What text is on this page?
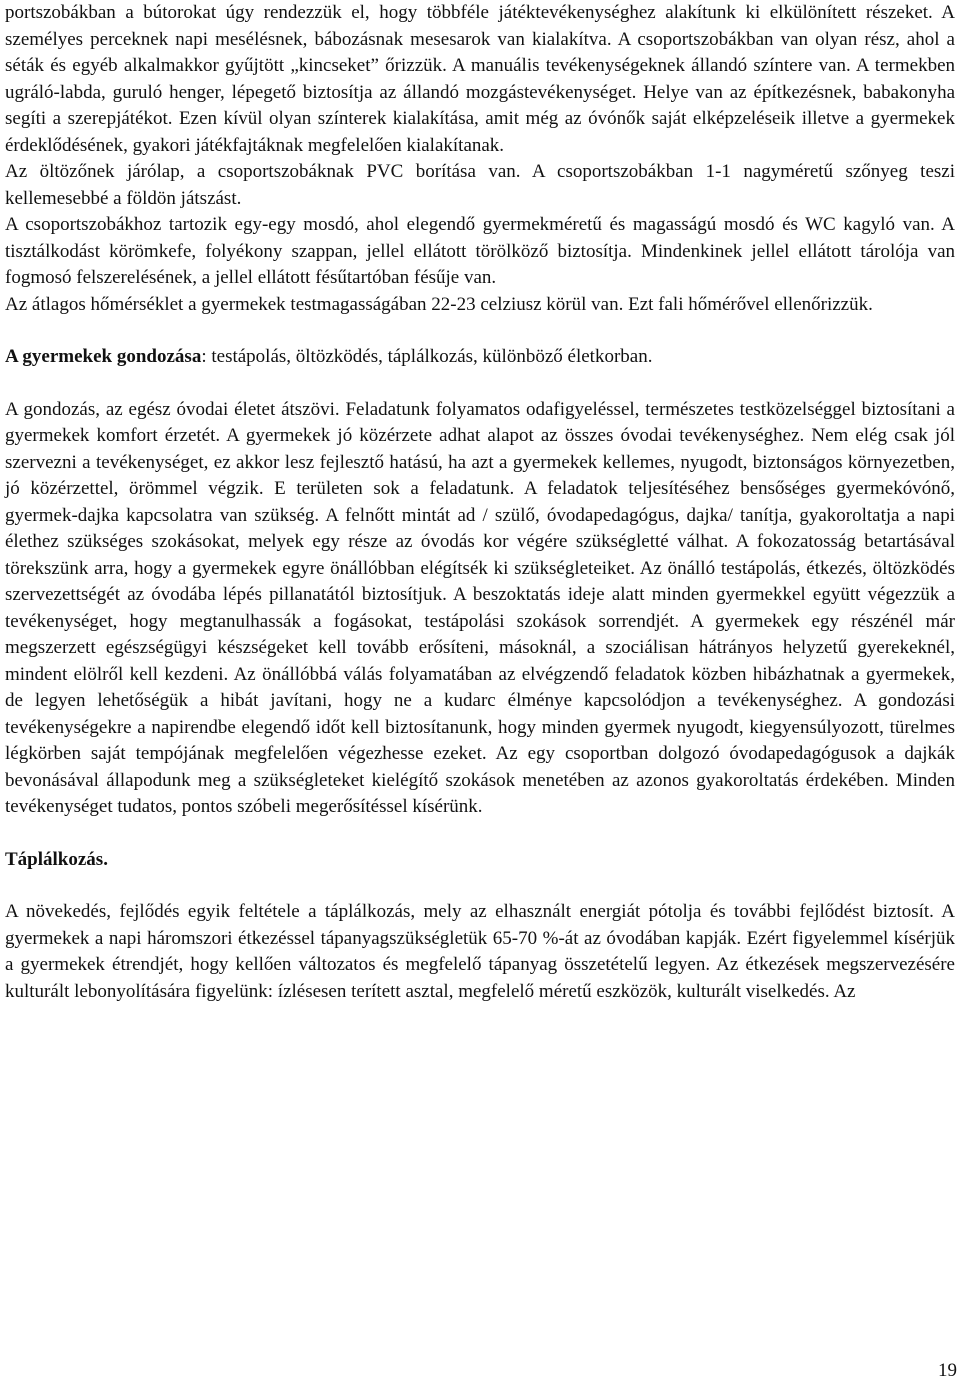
portszobákban a bútorokat úgy rendezzük el, hogy többféle játéktevékenységhez alakítunk ki elkülönített részeket. A személyes perceknek napi mesélésnek, bábozásnak mesesarok van kialakítva. A csoportszobákban van olyan rész, ahol a séták és egyéb alkalmakkor gyűjtött „kincseket” őrizzük. A manuális tevékenységeknek állandó színtere van. A termekben ugráló-labda, guruló henger, lépegető biztosítja az állandó mozgástevékenységet. Helye van az építkezésnek, babakonyha segíti a szerepjátékot. Ezen kívül olyan színterek kialakítása, amit még az óvónők saját elképzeléseik illetve a gyermekek érdeklődésének, gyakori játékfajtáknak megfelelően kialakítanak.

Az öltözőnek járólap, a csoportszobáknak PVC borítása van. A csoportszobákban 1-1 nagyméretű szőnyeg teszi kellemesebbé a földön játszást.

A csoportszobákhoz tartozik egy-egy mosdó, ahol elegendő gyermekméretű és magasságú mosdó és WC kagyló van. A tisztálkodást körömkefe, folyékony szappan, jellel ellátott törölköző biztosítja. Mindenkinek jellel ellátott tárolója van fogmosó felszerelésének, a jellel ellátott fésűtartóban fésűje van.

Az átlagos hőmérséklet a gyermekek testmagasságában 22-23 celziusz körül van. Ezt fali hőmérővel ellenőrizzük.

A gyermekek gondozása: testápolás, öltözködés, táplálkozás, különböző életkorban.

A gondozás, az egész óvodai életet átszövi. Feladatunk folyamatos odafigyeléssel, természetes testközelséggel biztosítani a gyermekek komfort érzetét. A gyermekek jó közérzete adhat alapot az összes óvodai tevékenységhez. Nem elég csak jól szervezni a tevékenységet, ez akkor lesz fejlesztő hatású, ha azt a gyermekek kellemes, nyugodt, biztonságos környezetben, jó közérzettel, örömmel végzik. E területen sok a feladatunk. A feladatok teljesítéséhez bensőséges gyermekóvónő, gyermek-dajka kapcsolatra van szükség. A felnőtt mintát ad / szülő, óvodapedagógus, dajka/ tanítja, gyakoroltatja a napi élethez szükséges szokásokat, melyek egy része az óvodás kor végére szükségletté válhat. A fokozatosság betartásával törekszünk arra, hogy a gyermekek egyre önállóbban elégítsék ki szükségleteiket. Az önálló testápolás, étkezés, öltözködés szervezettségét az óvodába lépés pillanatától biztosítjuk. A beszoktatás ideje alatt minden gyermekkel együtt végezzük a tevékenységet, hogy megtanulhassák a fogásokat, testápolási szokások sorrendjét. A gyermekek egy részénél már megszerzett egészségügyi készségeket kell tovább erősíteni, másoknál, a szociálisan hátrányos helyzetű gyerekeknél, mindent elölről kell kezdeni. Az önállóbbá válás folyamatában az elvégzendő feladatok közben hibázhatnak a gyermekek, de legyen lehetőségük a hibát javítani, hogy ne a kudarc élménye kapcsolódjon a tevékenységhez. A gondozási tevékenységekre a napirendbe elegendő időt kell biztosítanunk, hogy minden gyermek nyugodt, kiegyensúlyozott, türelmes légkörben saját tempójának megfelelően végezhesse ezeket. Az egy csoportban dolgozó óvodapedagógusok a dajkák bevonásával állapodunk meg a szükségleteket kielégítő szokások menetében az azonos gyakoroltatás érdekében. Minden tevékenységet tudatos, pontos szóbeli megerősítéssel kísérünk.

Táplálkozás.

A növekedés, fejlődés egyik feltétele a táplálkozás, mely az elhasznált energiát pótolja és további fejlődést biztosít. A gyermekek a napi háromszori étkezéssel tápanyagszükségletük 65-70 %-át az óvodában kapják. Ezért figyelemmel kísérjük a gyermekek étrendjét, hogy kellően változatos és megfelelő tápanyag összetételű legyen. Az étkezések megszervezésére kulturált lebonyolítására figyelünk: ízlésesen terített asztal, megfelelő méretű eszközök, kulturált viselkedés. Az

19
